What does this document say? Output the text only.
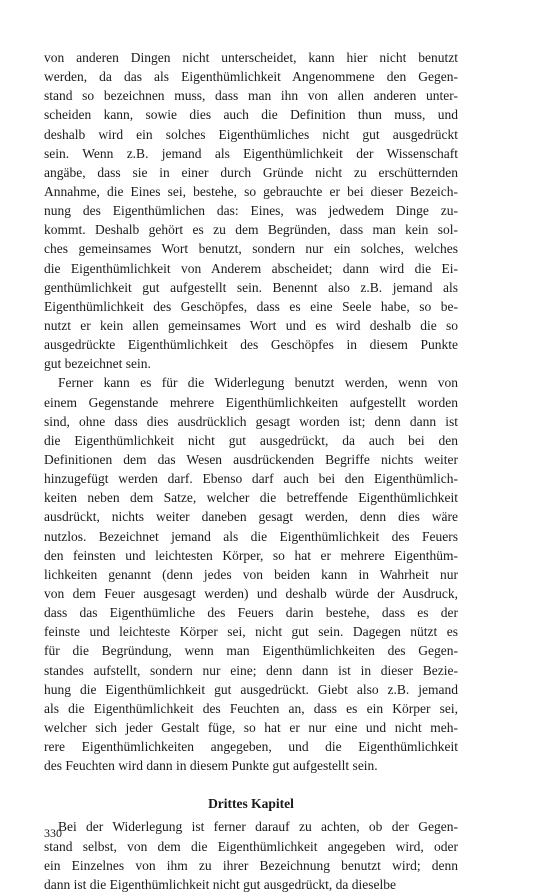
von anderen Dingen nicht unterscheidet, kann hier nicht benutzt
werden, da das als Eigenthümlichkeit Angenommene den Gegen-
stand so bezeichnen muss, dass man ihn von allen anderen unter-
scheiden kann, sowie dies auch die Definition thun muss, und
deshalb wird ein solches Eigenthümliches nicht gut ausgedrückt
sein. Wenn z.B. jemand als Eigenthümlichkeit der Wissenschaft
angäbe, dass sie in einer durch Gründe nicht zu erschütternden
Annahme, die Eines sei, bestehe, so gebrauchte er bei dieser Bezeich-
nung des Eigenthümlichen das: Eines, was jedwedem Dinge zu-
kommt. Deshalb gehört es zu dem Begründen, dass man kein sol-
ches gemeinsames Wort benutzt, sondern nur ein solches, welches
die Eigenthümlichkeit von Anderem abscheidet; dann wird die Ei-
genthümlichkeit gut aufgestellt sein. Benennt also z.B. jemand als
Eigenthümlichkeit des Geschöpfes, dass es eine Seele habe, so be-
nutzt er kein allen gemeinsames Wort und es wird deshalb die so
ausgedrückte Eigenthümlichkeit des Geschöpfes in diesem Punkte
gut bezeichnet sein.
Ferner kann es für die Widerlegung benutzt werden, wenn von
einem Gegenstande mehrere Eigenthümlichkeiten aufgestellt worden
sind, ohne dass dies ausdrücklich gesagt worden ist; denn dann ist
die Eigenthümlichkeit nicht gut ausgedrückt, da auch bei den
Definitionen dem das Wesen ausdrückenden Begriffe nichts weiter
hinzugefügt werden darf. Ebenso darf auch bei den Eigenthümlich-
keiten neben dem Satze, welcher die betreffende Eigenthümlichkeit
ausdrückt, nichts weiter daneben gesagt werden, denn dies wäre
nutzlos. Bezeichnet jemand als die Eigenthümlichkeit des Feuers
den feinsten und leichtesten Körper, so hat er mehrere Eigenthüm-
lichkeiten genannt (denn jedes von beiden kann in Wahrheit nur
von dem Feuer ausgesagt werden) und deshalb würde der Ausdruck,
dass das Eigenthümliche des Feuers darin bestehe, dass es der
feinste und leichteste Körper sei, nicht gut sein. Dagegen nützt es
für die Begründung, wenn man Eigenthümlichkeiten des Gegen-
standes aufstellt, sondern nur eine; denn dann ist in dieser Bezie-
hung die Eigenthümlichkeit gut ausgedrückt. Giebt also z.B. jemand
als die Eigenthümlichkeit des Feuchten an, dass es ein Körper sei,
welcher sich jeder Gestalt füge, so hat er nur eine und nicht meh-
rere Eigenthümlichkeiten angegeben, und die Eigenthümlichkeit
des Feuchten wird dann in diesem Punkte gut aufgestellt sein.
Drittes Kapitel
Bei der Widerlegung ist ferner darauf zu achten, ob der Gegen-
stand selbst, von dem die Eigenthümlichkeit angegeben wird, oder
ein Einzelnes von ihm zu ihrer Bezeichnung benutzt wird; denn
dann ist die Eigenthümlichkeit nicht gut ausgedrückt, da dieselbe
330
